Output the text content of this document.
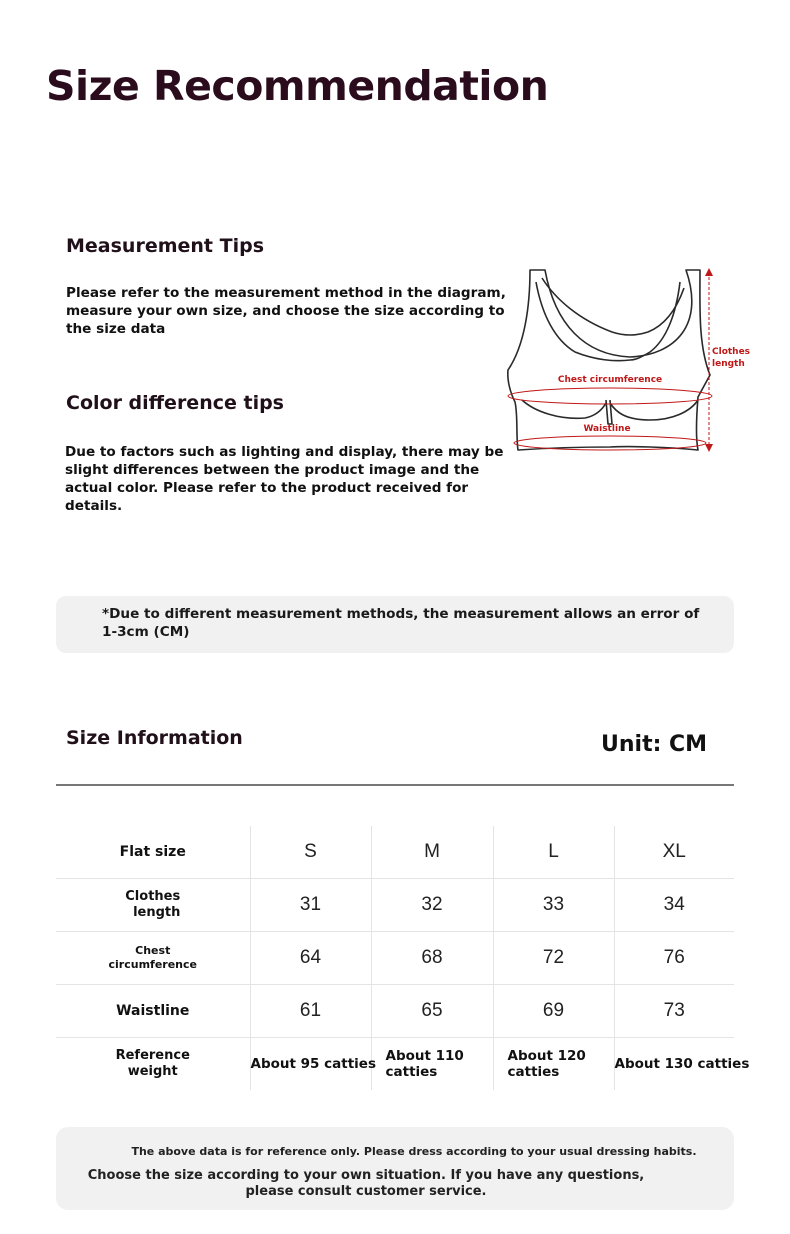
Size Recommendation
Measurement Tips
Please refer to the measurement method in the diagram, measure your own size, and choose the size according to the size data
Color difference tips
Due to factors such as lighting and display, there may be slight differences between the product image and the actual color. Please refer to the product received for details.
Chest circumference
Waistline
Clothes
length
*Due to different measurement methods, the measurement allows an error of 1-3cm (CM)
Size Information	Unit: CM
Flat size	S	M	L	XL

Clothes
length	31	32	33	34

Chest
circumference	64	68	72	76

Waistline	61	65	69	73

Reference
weight	About 95 catties	About 110 catties	About 120 catties	About 130 catties
The above data is for reference only. Please dress according to your usual dressing habits.
Choose the size according to your own situation. If you have any questions,
please consult customer service.
